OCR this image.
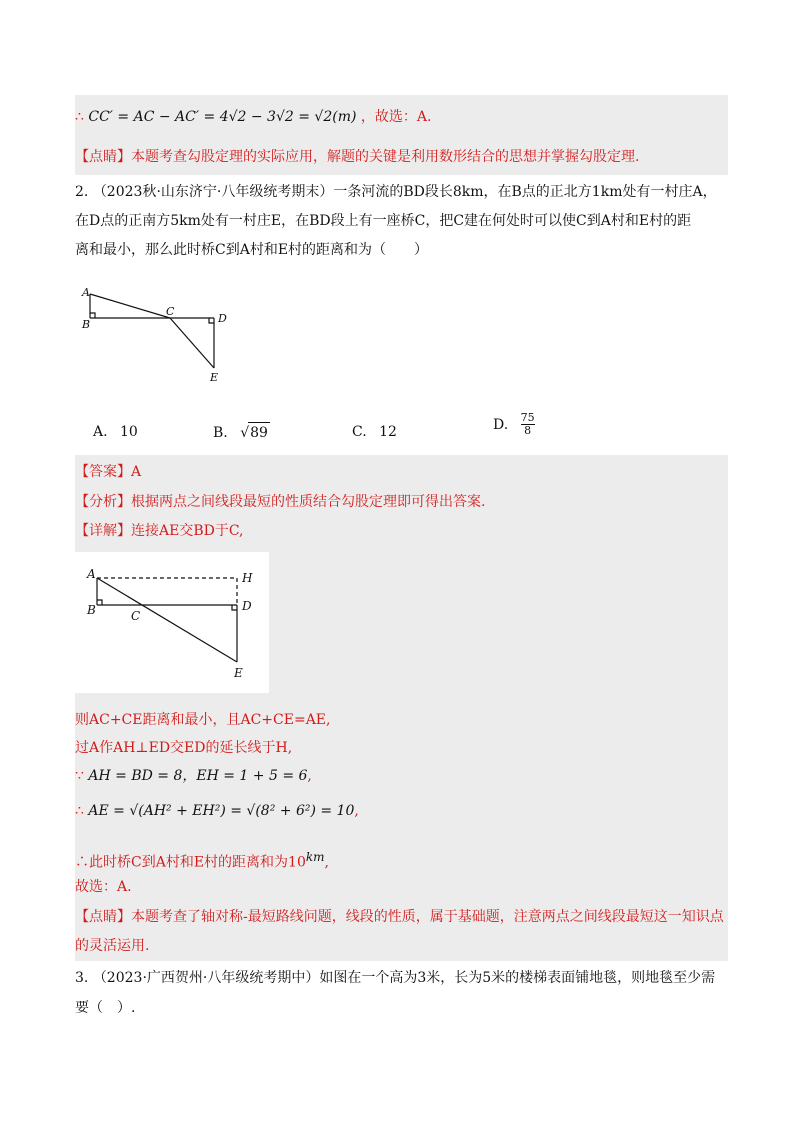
∴ CC′ = AC − AC′ = 4√2 − 3√2 = √2(m) ，故选：A.
【点睛】本题考查勾股定理的实际应用，解题的关键是利用数形结合的思想并掌握勾股定理.
2. （2023秋·山东济宁·八年级统考期末）一条河流的BD段长8km，在B点的正北方1km处有一村庄A，
在D点的正南方5km处有一村庄E，在BD段上有一座桥C，把C建在何处时可以使C到A村和E村的距
离和最小，那么此时桥C到A村和E村的距离和为（　　）
A
B
C
D
E
A. 10	B. √89	C. 12	D. $\frac{75}{8}$
【答案】A
【分析】根据两点之间线段最短的性质结合勾股定理即可得出答案.
【详解】连接AE交BD于C,
A
B	C
D
H
E
则AC+CE距离和最小，且AC+CE=AE,
过A作AH⊥ED交ED的延长线于H,
∵ AH = BD = 8，EH = 1 + 5 = 6,
∴ AE = √(AH² + EH²) = √(8² + 6²) = 10,
∴此时桥C到A村和E村的距离和为10km,
故选：A.
【点睛】本题考查了轴对称-最短路线问题，线段的性质，属于基础题，注意两点之间线段最短这一知识点
的灵活运用.
3. （2023·广西贺州·八年级统考期中）如图在一个高为3米，长为5米的楼梯表面铺地毯，则地毯至少需
要（　）.
